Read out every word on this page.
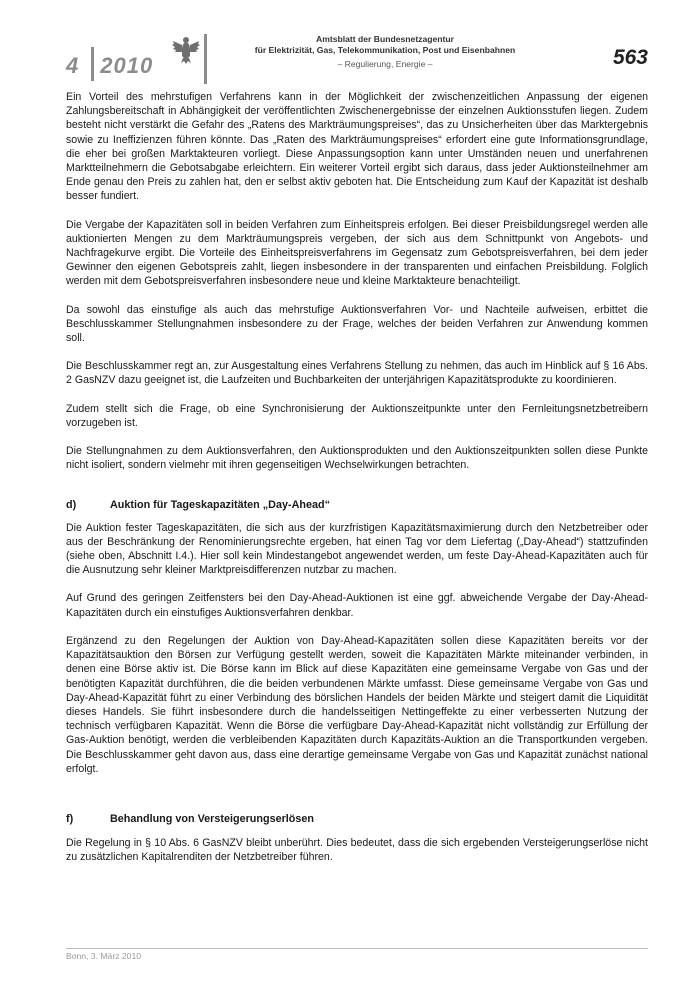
4 2010
Amtsblatt der Bundesnetzagentur
für Elektrizität, Gas, Telekommunikation, Post und Eisenbahnen
– Regulierung, Energie –	563

Ein Vorteil des mehrstufigen Verfahrens kann in der Möglichkeit der zwischenzeitlichen Anpassung der eigenen Zahlungsbereitschaft in Abhängigkeit der veröffentlichten Zwischenergebnisse der einzelnen Auktionsstufen liegen. Zudem besteht nicht verstärkt die Gefahr des „Ratens des Markträumungspreises“, das zu Unsicherheiten über das Marktergebnis sowie zu Ineffizienzen führen könnte. Das „Raten des Markträumungspreises“ erfordert eine gute Informationsgrundlage, die eher bei großen Marktakteuren vorliegt. Diese Anpassungsoption kann unter Umständen neuen und unerfahrenen Marktteilnehmern die Gebotsabgabe erleichtern. Ein weiterer Vorteil ergibt sich daraus, dass jeder Auktionsteilnehmer am Ende genau den Preis zu zahlen hat, den er selbst aktiv geboten hat. Die Entscheidung zum Kauf der Kapazität ist deshalb besser fundiert.

Die Vergabe der Kapazitäten soll in beiden Verfahren zum Einheitspreis erfolgen. Bei dieser Preisbildungsregel werden alle auktionierten Mengen zu dem Markträumungspreis vergeben, der sich aus dem Schnittpunkt von Angebots- und Nachfragekurve ergibt. Die Vorteile des Einheitspreisverfahrens im Gegensatz zum Gebotspreisverfahren, bei dem jeder Gewinner den eigenen Gebotspreis zahlt, liegen insbesondere in der transparenten und einfachen Preisbildung. Folglich werden mit dem Gebotspreisverfahren insbesondere neue und kleine Marktakteure benachteiligt.

Da sowohl das einstufige als auch das mehrstufige Auktionsverfahren Vor- und Nachteile aufweisen, erbittet die Beschlusskammer Stellungnahmen insbesondere zu der Frage, welches der beiden Verfahren zur Anwendung kommen soll.

Die Beschlusskammer regt an, zur Ausgestaltung eines Verfahrens Stellung zu nehmen, das auch im Hinblick auf § 16 Abs. 2 GasNZV dazu geeignet ist, die Laufzeiten und Buchbarkeiten der unterjährigen Kapazitätsprodukte zu koordinieren.

Zudem stellt sich die Frage, ob eine Synchronisierung der Auktionszeitpunkte unter den Fernleitungsnetzbetreibern vorzugeben ist.

Die Stellungnahmen zu dem Auktionsverfahren, den Auktionsprodukten und den Auktionszeitpunkten sollen diese Punkte nicht isoliert, sondern vielmehr mit ihren gegenseitigen Wechselwirkungen betrachten.

d)	Auktion für Tageskapazitäten „Day-Ahead“

Die Auktion fester Tageskapazitäten, die sich aus der kurzfristigen Kapazitätsmaximierung durch den Netzbetreiber oder aus der Beschränkung der Renominierungsrechte ergeben, hat einen Tag vor dem Liefertag („Day-Ahead“) stattzufinden (siehe oben, Abschnitt I.4.). Hier soll kein Mindestangebot angewendet werden, um feste Day-Ahead-Kapazitäten auch für die Ausnutzung sehr kleiner Marktpreisdifferenzen nutzbar zu machen.

Auf Grund des geringen Zeitfensters bei den Day-Ahead-Auktionen ist eine ggf. abweichende Vergabe der Day-Ahead-Kapazitäten durch ein einstufiges Auktionsverfahren denkbar.

Ergänzend zu den Regelungen der Auktion von Day-Ahead-Kapazitäten sollen diese Kapazitäten bereits vor der Kapazitätsauktion den Börsen zur Verfügung gestellt werden, soweit die Kapazitäten Märkte miteinander verbinden, in denen eine Börse aktiv ist. Die Börse kann im Blick auf diese Kapazitäten eine gemeinsame Vergabe von Gas und der benötigten Kapazität durchführen, die die beiden verbundenen Märkte umfasst. Diese gemeinsame Vergabe von Gas und Day-Ahead-Kapazität führt zu einer Verbindung des börslichen Handels der beiden Märkte und steigert damit die Liquidität dieses Handels. Sie führt insbesondere durch die handelsseitigen Nettingeffekte zu einer verbesserten Nutzung der technisch verfügbaren Kapazität. Wenn die Börse die verfügbare Day-Ahead-Kapazität nicht vollständig zur Erfüllung der Gas-Auktion benötigt, werden die verbleibenden Kapazitäten durch Kapazitäts-Auktion an die Transportkunden vergeben. Die Beschlusskammer geht davon aus, dass eine derartige gemeinsame Vergabe von Gas und Kapazität zunächst national erfolgt.

f)	Behandlung von Versteigerungserlösen

Die Regelung in § 10 Abs. 6 GasNZV bleibt unberührt. Dies bedeutet, dass die sich ergebenden Versteigerungserlöse nicht zu zusätzlichen Kapitalrenditen der Netzbetreiber führen.

Bonn, 3. März 2010
